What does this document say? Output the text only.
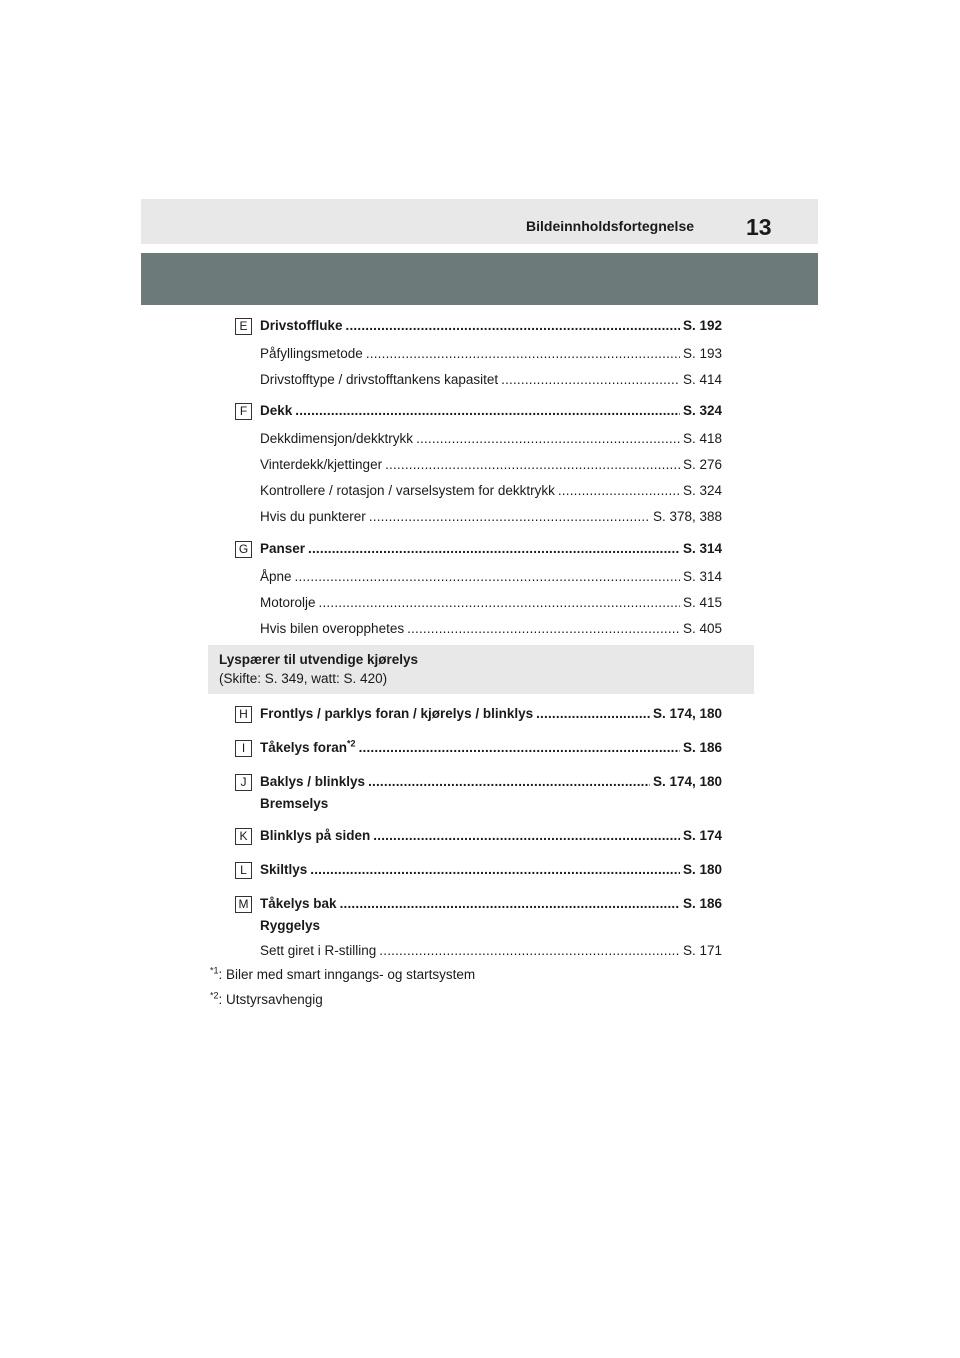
Bildeinnholdsfortegnelse 13
E Drivstoffluke .....	S. 192
Påfyllingsmetode .....	S. 193
Drivstofftype / drivstofftankens kapasitet .....	S. 414
F Dekk .....	S. 324
Dekkdimensjon/dekktrykk .....	S. 418
Vinterdekk/kjettinger .....	S. 276
Kontrollere / rotasjon / varselsystem for dekktrykk .....	S. 324
Hvis du punkterer .....	S. 378, 388
G Panser .....	S. 314
Åpne .....	S. 314
Motorolje .....	S. 415
Hvis bilen overopphetes .....	S. 405
Lyspærer til utvendige kjørelys
(Skifte: S. 349, watt: S. 420)
H Frontlys / parklys foran / kjørelys / blinklys .....	S. 174, 180
I	Tåkelys foran$^{*2}$ .....	S. 186
J	Baklys / blinklys .....	S. 174, 180
Bremselys
K Blinklys på siden .....	S. 174
L Skiltlys .....	S. 180
M Tåkelys bak .....	S. 186
Ryggelys
Sett giret i R-stilling .....	S. 171
$^{*1}$: Biler med smart inngangs- og startsystem
$^{*2}$: Utstyrsavhengig
